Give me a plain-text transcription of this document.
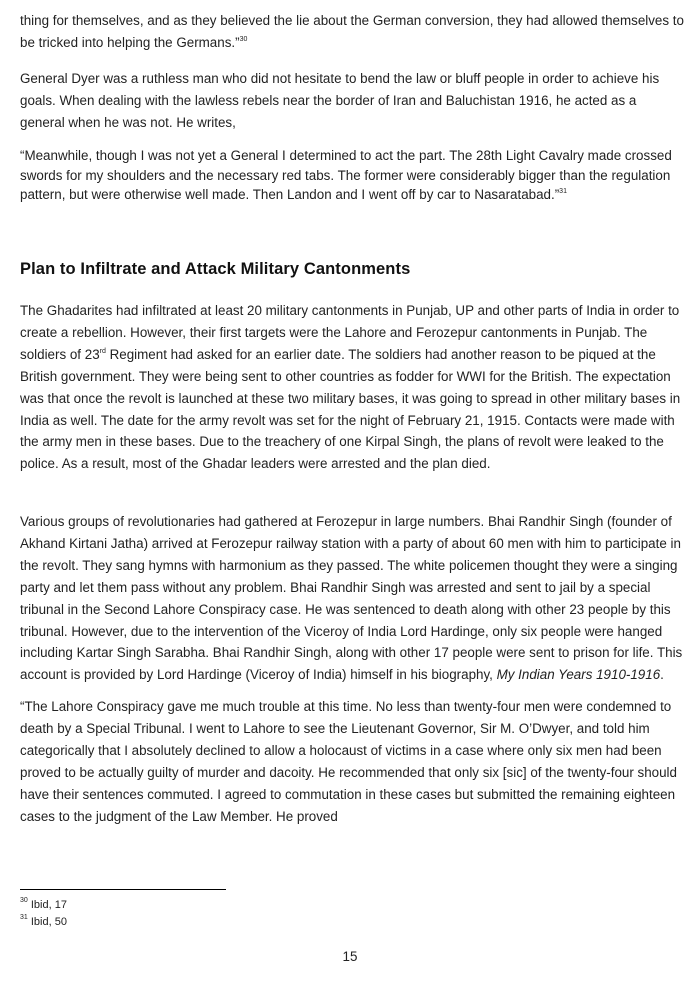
thing for themselves, and as they believed the lie about the German conversion, they had allowed themselves to be tricked into helping the Germans.”$^{30}$

General Dyer was a ruthless man who did not hesitate to bend the law or bluff people in order to achieve his goals. When dealing with the lawless rebels near the border of Iran and Baluchistan 1916, he acted as a general when he was not. He writes,

“Meanwhile, though I was not yet a General I determined to act the part. The 28th Light Cavalry made crossed swords for my shoulders and the necessary red tabs. The former were considerably bigger than the regulation pattern, but were otherwise well made. Then Landon and I went off by car to Nasaratabad.”$^{31}$

Plan to Infiltrate and Attack Military Cantonments

The Ghadarites had infiltrated at least 20 military cantonments in Punjab, UP and other parts of India in order to create a rebellion. However, their first targets were the Lahore and Ferozepur cantonments in Punjab. The soldiers of 23rd Regiment had asked for an earlier date. The soldiers had another reason to be piqued at the British government. They were being sent to other countries as fodder for WWI for the British. The expectation was that once the revolt is launched at these two military bases, it was going to spread in other military bases in India as well. The date for the army revolt was set for the night of February 21, 1915. Contacts were made with the army men in these bases. Due to the treachery of one Kirpal Singh, the plans of revolt were leaked to the police. As a result, most of the Ghadar leaders were arrested and the plan died.

Various groups of revolutionaries had gathered at Ferozepur in large numbers. Bhai Randhir Singh (founder of Akhand Kirtani Jatha) arrived at Ferozepur railway station with a party of about 60 men with him to participate in the revolt. They sang hymns with harmonium as they passed. The white policemen thought they were a singing party and let them pass without any problem. Bhai Randhir Singh was arrested and sent to jail by a special tribunal in the Second Lahore Conspiracy case. He was sentenced to death along with other 23 people by this tribunal. However, due to the intervention of the Viceroy of India Lord Hardinge, only six people were hanged including Kartar Singh Sarabha. Bhai Randhir Singh, along with other 17 people were sent to prison for life. This account is provided by Lord Hardinge (Viceroy of India) himself in his biography, My Indian Years 1910-1916.

“The Lahore Conspiracy gave me much trouble at this time. No less than twenty-four men were condemned to death by a Special Tribunal. I went to Lahore to see the Lieutenant Governor, Sir M. O’Dwyer, and told him categorically that I absolutely declined to allow a holocaust of victims in a case where only six men had been proved to be actually guilty of murder and dacoity. He recommended that only six [sic] of the twenty-four should have their sentences commuted. I agreed to commutation in these cases but submitted the remaining eighteen cases to the judgment of the Law Member. He proved

$^{30}$ Ibid, 17
$^{31}$ Ibid, 50
15
